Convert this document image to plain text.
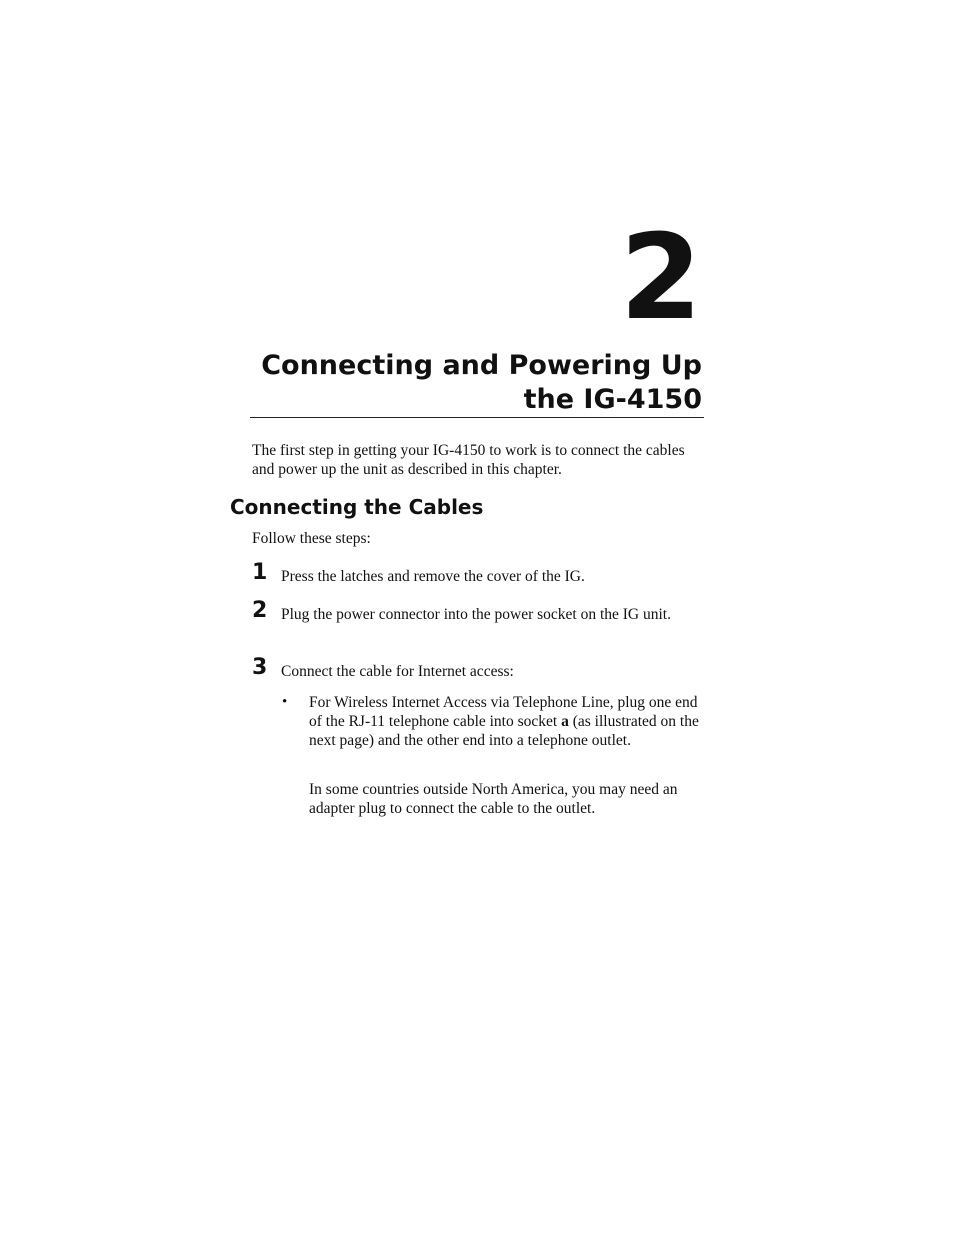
2
Connecting and Powering Up
the IG-4150

The first step in getting your IG-4150 to work is to connect the cables and power up the unit as described in this chapter.

Connecting the Cables

Follow these steps:

1 Press the latches and remove the cover of the IG.
2 Plug the power connector into the power socket on the IG unit.
3 Connect the cable for Internet access:
• For Wireless Internet Access via Telephone Line, plug one end of the RJ-11 telephone cable into socket a (as illustrated on the next page) and the other end into a telephone outlet.

In some countries outside North America, you may need an adapter plug to connect the cable to the outlet.
